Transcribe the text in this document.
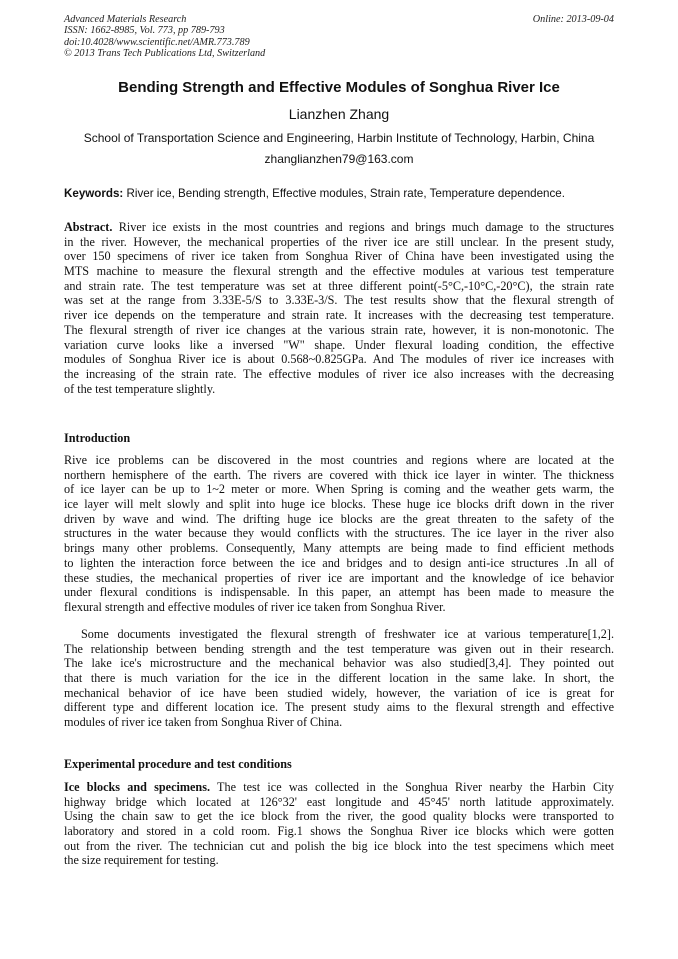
Advanced Materials Research
ISSN: 1662-8985, Vol. 773, pp 789-793
doi:10.4028/www.scientific.net/AMR.773.789
© 2013 Trans Tech Publications Ltd, Switzerland
Online: 2013-09-04
Bending Strength and Effective Modules of Songhua River Ice
Lianzhen Zhang
School of Transportation Science and Engineering, Harbin Institute of Technology, Harbin, China
zhanglianzhen79@163.com
Keywords: River ice, Bending strength, Effective modules, Strain rate, Temperature dependence.
Abstract. River ice exists in the most countries and regions and brings much damage to the structures
in the river. However, the mechanical properties of the river ice are still unclear. In the present study,
over 150 specimens of river ice taken from Songhua River of China have been investigated using the
MTS machine to measure the flexural strength and the effective modules at various test temperature
and strain rate. The test temperature was set at three different point(-5°C,-10°C,-20°C), the strain rate
was set at the range from 3.33E-5/S to 3.33E-3/S. The test results show that the flexural strength of
river ice depends on the temperature and strain rate. It increases with the decreasing test temperature.
The flexural strength of river ice changes at the various strain rate, however, it is non-monotonic. The
variation curve looks like a inversed "W" shape. Under flexural loading condition, the effective
modules of Songhua River ice is about 0.568~0.825GPa. And The modules of river ice increases with
the increasing of the strain rate. The effective modules of river ice also increases with the decreasing
of the test temperature slightly.
Introduction
Rive ice problems can be discovered in the most countries and regions where are located at the
northern hemisphere of the earth. The rivers are covered with thick ice layer in winter. The thickness
of ice layer can be up to 1~2 meter or more. When Spring is coming and the weather gets warm, the
ice layer will melt slowly and split into huge ice blocks. These huge ice blocks drift down in the river
driven by wave and wind. The drifting huge ice blocks are the great threaten to the safety of the
structures in the water because they would conflicts with the structures. The ice layer in the river also
brings many other problems. Consequently, Many attempts are being made to find efficient methods
to lighten the interaction force between the ice and bridges and to design anti-ice structures .In all of
these studies, the mechanical properties of river ice are important and the knowledge of ice behavior
under flexural conditions is indispensable. In this paper, an attempt has been made to measure the
flexural strength and effective modules of river ice taken from Songhua River.
Some documents investigated the flexural strength of freshwater ice at various temperature[1,2].
The relationship between bending strength and the test temperature was given out in their research.
The lake ice's microstructure and the mechanical behavior was also studied[3,4]. They pointed out
that there is much variation for the ice in the different location in the same lake. In short, the
mechanical behavior of ice have been studied widely, however, the variation of ice is great for
different type and different location ice. The present study aims to the flexural strength and effective
modules of river ice taken from Songhua River of China.
Experimental procedure and test conditions
Ice blocks and specimens. The test ice was collected in the Songhua River nearby the Harbin City
highway bridge which located at 126°32' east longitude and 45°45' north latitude approximately.
Using the chain saw to get the ice block from the river, the good quality blocks were transported to
laboratory and stored in a cold room. Fig.1 shows the Songhua River ice blocks which were gotten
out from the river. The technician cut and polish the big ice block into the test specimens which meet
the size requirement for testing.
